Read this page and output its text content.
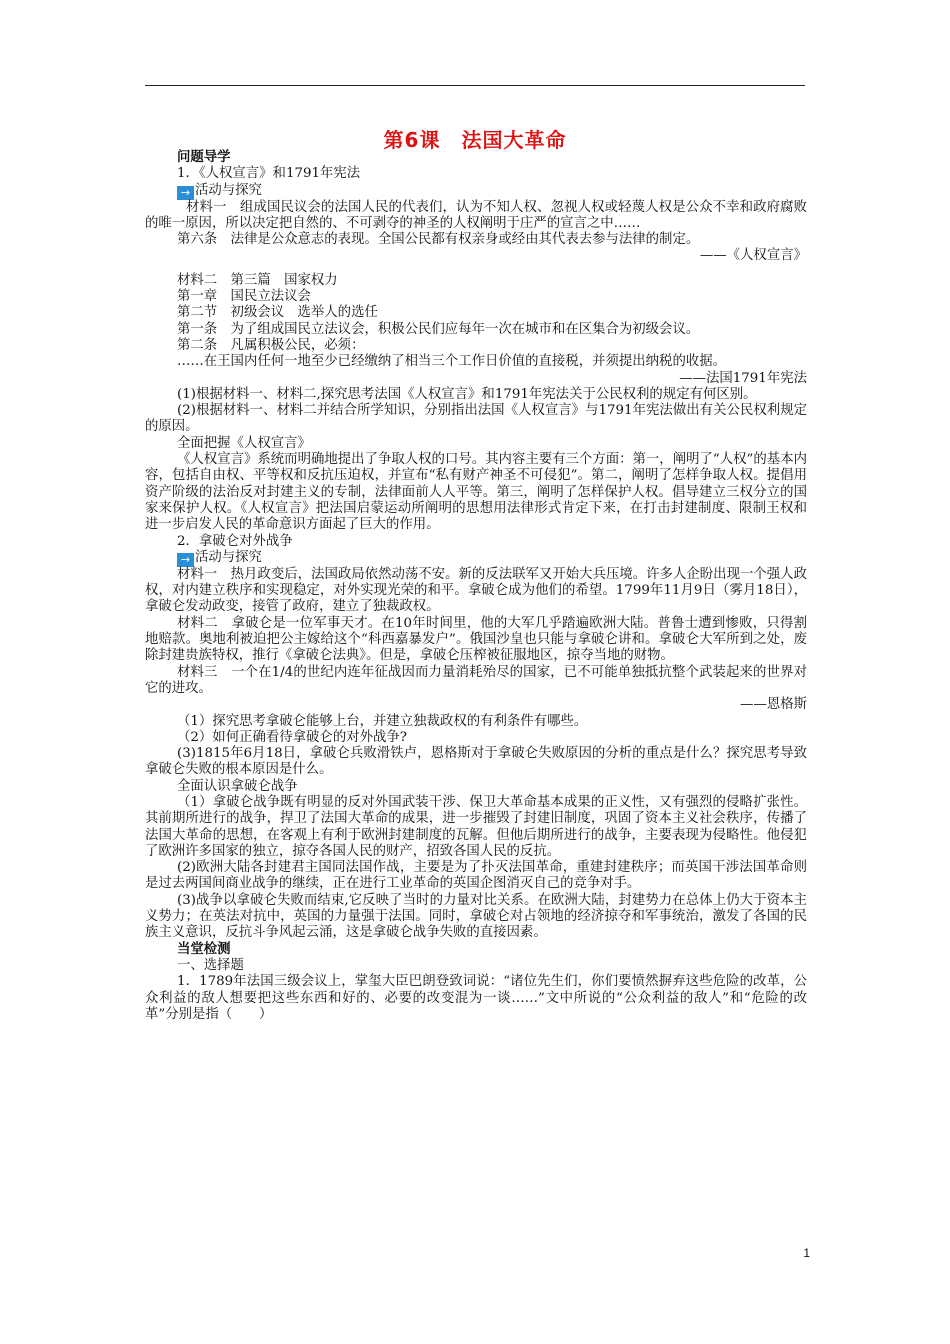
第6课　法国大革命

问题导学

1．《人权宣言》和1791年宪法

→ 活动与探究

材料一　组成国民议会的法国人民的代表们，认为不知人权、忽视人权或轻蔑人权是公众不幸和政府腐败的唯一原因，所以决定把自然的、不可剥夺的神圣的人权阐明于庄严的宣言之中……

第六条　法律是公众意志的表现。全国公民都有权亲身或经由其代表去参与法律的制定。

——《人权宣言》

材料二　第三篇　国家权力

第一章　国民立法议会

第二节　初级会议　选举人的选任

第一条　为了组成国民立法议会，积极公民们应每年一次在城市和在区集合为初级会议。

第二条　凡属积极公民，必须：

……在王国内任何一地至少已经缴纳了相当三个工作日价值的直接税，并须提出纳税的收据。

——法国1791年宪法

(1)根据材料一、材料二,探究思考法国《人权宣言》和1791年宪法关于公民权利的规定有何区别。

(2)根据材料一、材料二并结合所学知识，分别指出法国《人权宣言》与1791年宪法做出有关公民权利规定的原因。

全面把握《人权宣言》

《人权宣言》系统而明确地提出了争取人权的口号。其内容主要有三个方面：第一，阐明了“人权”的基本内容，包括自由权、平等权和反抗压迫权，并宣布“私有财产神圣不可侵犯”。第二，阐明了怎样争取人权。提倡用资产阶级的法治反对封建主义的专制，法律面前人人平等。第三，阐明了怎样保护人权。倡导建立三权分立的国家来保护人权。《人权宣言》把法国启蒙运动所阐明的思想用法律形式肯定下来，在打击封建制度、限制王权和进一步启发人民的革命意识方面起了巨大的作用。

2．拿破仑对外战争

→ 活动与探究

材料一　热月政变后，法国政局依然动荡不安。新的反法联军又开始大兵压境。许多人企盼出现一个强人政权，对内建立秩序和实现稳定，对外实现光荣的和平。拿破仑成为他们的希望。1799年11月9日（雾月18日），拿破仑发动政变，接管了政府，建立了独裁政权。

材料二　拿破仑是一位军事天才。在10年时间里，他的大军几乎踏遍欧洲大陆。普鲁士遭到惨败，只得割地赔款。奥地利被迫把公主嫁给这个“科西嘉暴发户”。俄国沙皇也只能与拿破仑讲和。拿破仑大军所到之处，废除封建贵族特权，推行《拿破仑法典》。但是，拿破仑压榨被征服地区，掠夺当地的财物。

材料三　一个在1/4的世纪内连年征战因而力量消耗殆尽的国家，已不可能单独抵抗整个武装起来的世界对它的进攻。

——恩格斯

（1）探究思考拿破仑能够上台，并建立独裁政权的有利条件有哪些。

（2）如何正确看待拿破仑的对外战争?

(3)1815年6月18日，拿破仑兵败滑铁卢，恩格斯对于拿破仑失败原因的分析的重点是什么？探究思考导致拿破仑失败的根本原因是什么。

全面认识拿破仑战争

（1）拿破仑战争既有明显的反对外国武装干涉、保卫大革命基本成果的正义性，又有强烈的侵略扩张性。其前期所进行的战争，捍卫了法国大革命的成果，进一步摧毁了封建旧制度，巩固了资本主义社会秩序，传播了法国大革命的思想，在客观上有利于欧洲封建制度的瓦解。但他后期所进行的战争，主要表现为侵略性。他侵犯了欧洲许多国家的独立，掠夺各国人民的财产，招致各国人民的反抗。

(2)欧洲大陆各封建君主国同法国作战，主要是为了扑灭法国革命，重建封建秩序；而英国干涉法国革命则是过去两国间商业战争的继续，正在进行工业革命的英国企图消灭自己的竞争对手。

(3)战争以拿破仑失败而结束,它反映了当时的力量对比关系。在欧洲大陆，封建势力在总体上仍大于资本主义势力；在英法对抗中，英国的力量强于法国。同时，拿破仑对占领地的经济掠夺和军事统治，激发了各国的民族主义意识，反抗斗争风起云涌，这是拿破仑战争失败的直接因素。

当堂检测

一、选择题

1．1789年法国三级会议上，掌玺大臣巴朗登致词说：“诸位先生们，你们要愤然摒弃这些危险的改革，公众利益的敌人想要把这些东西和好的、必要的改变混为一谈……”文中所说的“公众利益的敌人”和“危险的改革”分别是指（　　）

1
